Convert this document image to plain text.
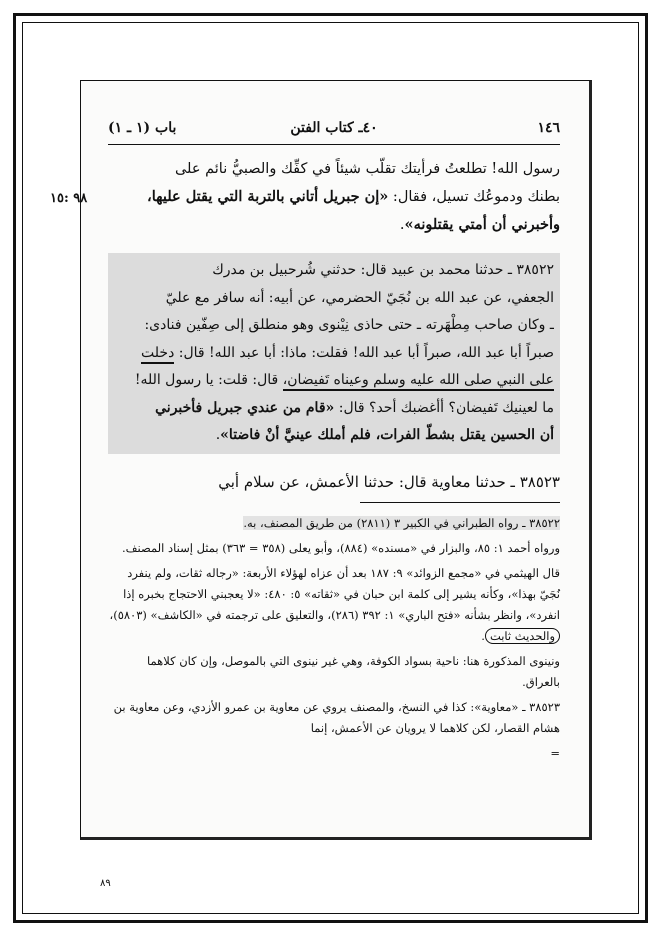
١٤٦
٤٠ـ كتاب الفتن
باب (١ ـ ١)
٩٨ :١٥
رسول الله! تطلعتُ فرأيتك تقلّب شيئاً في كفِّك والصبيُّ نائم على
بطنك ودموعُك تسيل، فقال: «إن جبريل أتاني بالتربة التي يقتل عليها،
وأخبرني أن أمتي يقتلونه».
٣٨٥٢٢ ـ حدثنا محمد بن عبيد قال: حدثني شُرحبيل بن مدرك
الجعفي، عن عبد الله بن نُجَيّ الحضرمي، عن أبيه: أنه سافر مع عليّ
ـ وكان صاحب مِطْهَرته ـ حتى حاذى نِيْنوى وهو منطلق إلى صِفّين فنادى:
صبراً أبا عبد الله، صبراً أبا عبد الله! فقلت: ماذا: أبا عبد الله! قال: دخلت
على النبي صلى الله عليه وسلم وعيناه تَفيضان، قال: قلت: يا رسول الله!
ما لعينيك تَفيضان؟ أأغضبك أحد؟ قال: «قام من عندي جبريل فأخبرني
أن الحسين يقتل بشطّ الفرات، فلم أملك عينيَّ أنْ فاضتا».
٣٨٥٢٣ ـ حدثنا معاوية قال: حدثنا الأعمش، عن سلام أبي

٣٨٥٢٢ ـ رواه الطبراني في الكبير ٣ (٢٨١١) من طريق المصنف، به.

ورواه أحمد ١: ٨٥، والبزار في «مسنده» (٨٨٤)، وأبو يعلى (٣٥٨ = ٣٦٣) بمثل إسناد المصنف.

قال الهيثمي في «مجمع الزوائد» ٩: ١٨٧ بعد أن عزاه لهؤلاء الأربعة: «رجاله ثقات، ولم ينفرد نُجَيّ بهذا»، وكأنه يشير إلى كلمة ابن حبان في «ثقاته» ٥: ٤٨٠: «لا يعجبني الاحتجاج بخبره إذا انفرد»، وانظر بشأنه «فتح الباري» ١: ٣٩٢ (٢٨٦)، والتعليق على ترجمته في «الكاشف» (٥٨٠٣)، والحديث ثابت.

ونينوى المذكورة هنا: ناحية بسواد الكوفة، وهي غير نينوى التي بالموصل، وإن كان كلاهما بالعراق.

٣٨٥٢٣ ـ «معاوية»: كذا في النسخ، والمصنف يروي عن معاوية بن عمرو الأزدي، وعن معاوية بن هشام القصار، لكن كلاهما لا يرويان عن الأعمش، إنما

=

٨٩
